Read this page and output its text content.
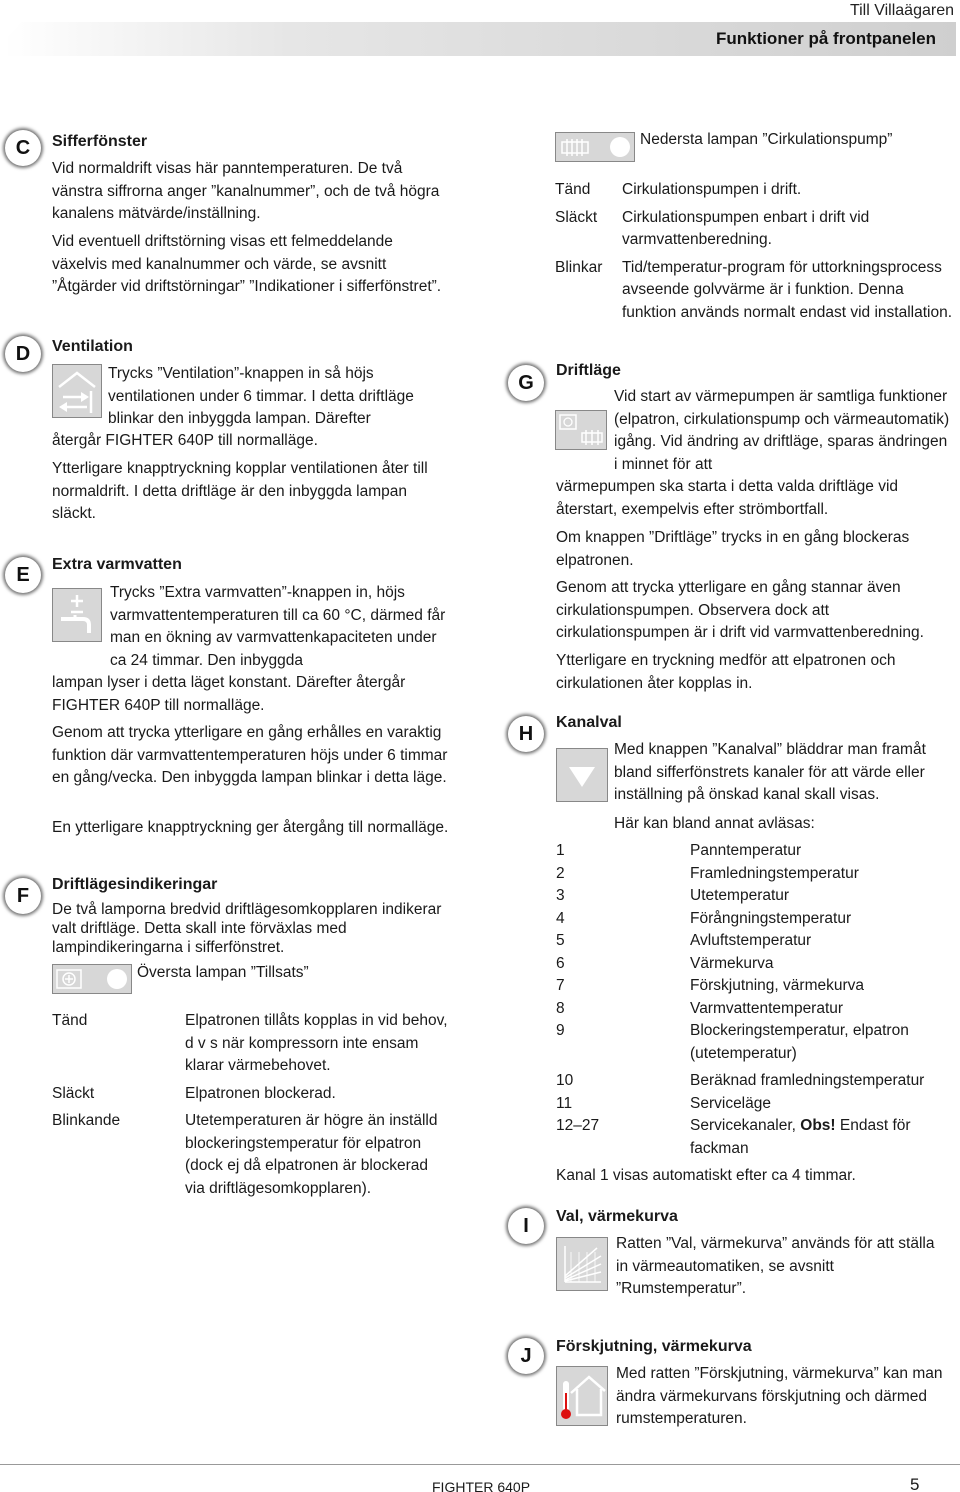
Till Villaägaren
Funktioner på frontpanelen
C
D
E
F
G
H
I
J
Sifferfönster

Vid normaldrift visas här panntemperaturen. De två vänstra siffrorna anger ”kanalnummer”, och de två högra kanalens mätvärde/inställning.

Vid eventuell driftstörning visas ett felmeddelande växelvis med kanalnummer och värde, se avsnitt ”Åtgärder vid driftstörningar” ”Indikationer i sifferfönstret”.

Ventilation

Trycks ”Ventilation”-knappen in så höjs ventilationen under 6 timmar. I detta driftläge blinkar den inbyggda lampan. Därefter

återgår FIGHTER 640P till normalläge.

Ytterligare knapptryckning kopplar ventilationen åter till normaldrift. I detta driftläge är den inbyggda lampan släckt.

Extra varmvatten

Trycks ”Extra varmvatten”-knappen in, höjs varmvattentemperaturen till ca 60 °C, därmed får man en ökning av varmvattenkapaciteten under ca 24 timmar. Den inbyggda

lampan lyser i detta läget konstant. Därefter återgår FIGHTER 640P till normalläge.

Genom att trycka ytterligare en gång erhålles en varaktig funktion där varmvattentemperaturen höjs under 6 timmar en gång/vecka. Den inbyggda lampan blinkar i detta läge.

En ytterligare knapptryckning ger återgång till normalläge.

Driftlägesindikeringar

De två lamporna bredvid driftlägesomkopplaren indikerar valt driftläge. Detta skall inte förväxlas med lampindikeringarna i sifferfönstret.

Översta lampan ”Tillsats”
Tänd	Elpatronen tillåts kopplas in vid behov, d v s när kompressorn inte ensam klarar värmebehovet.
Släckt	Elpatronen blockerad.
Blinkande	Utetemperaturen är högre än inställd blockeringstemperatur för elpatron (dock ej då elpatronen är blockerad via driftlägesomkopplaren).
Nedersta lampan ”Cirkulationspump”
Tänd	Cirkulationspumpen i drift.
Släckt	Cirkulationspumpen enbart i drift vid varmvattenberedning.
Blinkar	Tid/temperatur-program för uttorkningsprocess avseende golvvärme är i funktion. Denna funktion används normalt endast vid installation.
Driftläge

Vid start av värmepumpen är samtliga funktioner (elpatron, cirkulationspump och värmeautomatik) igång. Vid ändring av driftläge, sparas ändringen i minnet för att

värmepumpen ska starta i detta valda driftläge vid återstart, exempelvis efter strömbortfall.

Om knappen ”Driftläge” trycks in en gång blockeras elpatronen.

Genom att trycka ytterligare en gång stannar även cirkulationspumpen. Observera dock att cirkulationspumpen är i drift vid varmvattenberedning.

Ytterligare en tryckning medför att elpatronen och cirkulationen åter kopplas in.

Kanalval

Med knappen ”Kanalval” bläddrar man framåt bland sifferfönstrets kanaler för att värde eller inställning på önskad kanal skall visas.

Här kan bland annat avläsas:
1	Panntemperatur
2	Framledningstemperatur
3	Utetemperatur
4	Förångningstemperatur
5	Avluftstemperatur
6	Värmekurva
7	Förskjutning, värmekurva
8	Varmvattentemperatur
9	Blockeringstemperatur, elpatron (utetemperatur)
10	Beräknad framledningstemperatur
11	Serviceläge
12–27	Servicekanaler, Obs! Endast för fackman
Kanal 1 visas automatiskt efter ca 4 timmar.
Val, värmekurva

Ratten ”Val, värmekurva” används för att ställa in värmeautomatiken, se avsnitt ”Rumstemperatur”.

Förskjutning, värmekurva

Med ratten ”Förskjutning, värmekurva” kan man ändra värmekurvans förskjutning och därmed rumstemperaturen.

FIGHTER 640P	5
